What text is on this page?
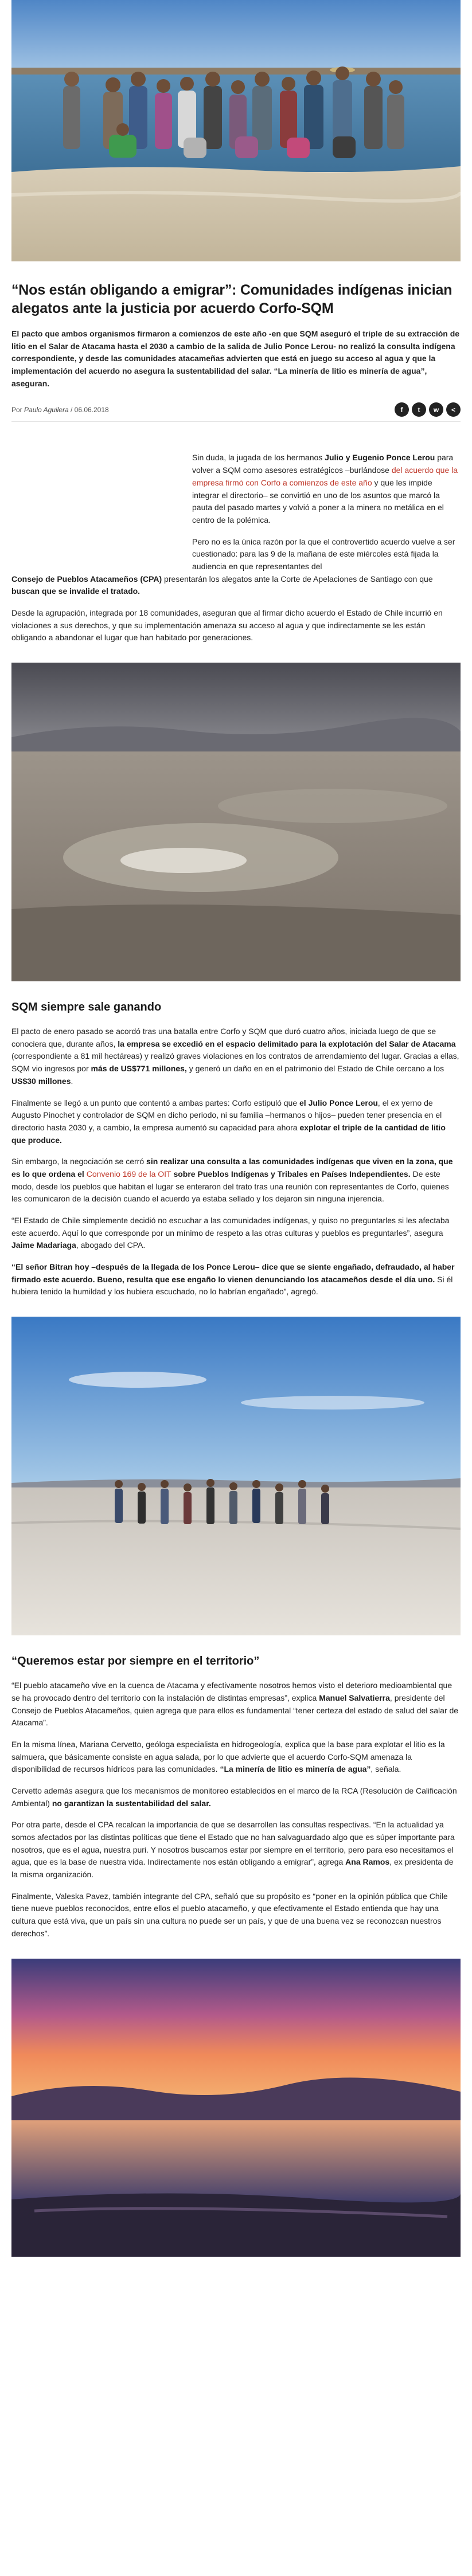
“Nos están obligando a emigrar”: Comunidades indígenas inician alegatos ante la justicia por acuerdo Corfo-SQM

El pacto que ambos organismos firmaron a comienzos de este año -en que SQM aseguró el triple de su extracción de litio en el Salar de Atacama hasta el 2030 a cambio de la salida de Julio Ponce Lerou- no realizó la consulta indígena correspondiente, y desde las comunidades atacameñas advierten que está en juego su acceso al agua y que la implementación del acuerdo no asegura la sustentabilidad del salar. “La minería de litio es minería de agua”, aseguran.

Por Paulo Aguilera / 06.06.2018	f	t	w	<

Sin duda, la jugada de los hermanos Julio y Eugenio Ponce Lerou para volver a SQM como asesores estratégicos –burlándose del acuerdo que la empresa firmó con Corfo a comienzos de este año y que les impide integrar el directorio– se convirtió en uno de los asuntos que marcó la pauta del pasado martes y volvió a poner a la minera no metálica en el centro de la polémica.

Pero no es la única razón por la que el controvertido acuerdo vuelve a ser cuestionado: para las 9 de la mañana de este miércoles está fijada la audiencia en que representantes del

Consejo de Pueblos Atacameños (CPA) presentarán los alegatos ante la Corte de Apelaciones de Santiago con que buscan que se invalide el tratado.

Desde la agrupación, integrada por 18 comunidades, aseguran que al firmar dicho acuerdo el Estado de Chile incurrió en violaciones a sus derechos, y que su implementación amenaza su acceso al agua y que indirectamente se les están obligando a abandonar el lugar que han habitado por generaciones.

SQM siempre sale ganando

El pacto de enero pasado se acordó tras una batalla entre Corfo y SQM que duró cuatro años, iniciada luego de que se conociera que, durante años, la empresa se excedió en el espacio delimitado para la explotación del Salar de Atacama (correspondiente a 81 mil hectáreas) y realizó graves violaciones en los contratos de arrendamiento del lugar. Gracias a ellas, SQM vio ingresos por más de US$771 millones, y generó un daño en en el patrimonio del Estado de Chile cercano a los US$30 millones.

Finalmente se llegó a un punto que contentó a ambas partes: Corfo estipuló que el Julio Ponce Lerou, el ex yerno de Augusto Pinochet y controlador de SQM en dicho periodo, ni su familia –hermanos o hijos– pueden tener presencia en el directorio hasta 2030 y, a cambio, la empresa aumentó su capacidad para ahora explotar el triple de la cantidad de litio que produce.

Sin embargo, la negociación se cerró sin realizar una consulta a las comunidades indígenas que viven en la zona, que es lo que ordena el Convenio 169 de la OIT sobre Pueblos Indígenas y Tribales en Países Independientes. De este modo, desde los pueblos que habitan el lugar se enteraron del trato tras una reunión con representantes de Corfo, quienes les comunicaron de la decisión cuando el acuerdo ya estaba sellado y los dejaron sin ninguna injerencia.

“El Estado de Chile simplemente decidió no escuchar a las comunidades indígenas, y quiso no preguntarles si les afectaba este acuerdo. Aquí lo que corresponde por un mínimo de respeto a las otras culturas y pueblos es preguntarles”, asegura Jaime Madariaga, abogado del CPA.

“El señor Bitran hoy –después de la llegada de los Ponce Lerou– dice que se siente engañado, defraudado, al haber firmado este acuerdo. Bueno, resulta que ese engaño lo vienen denunciando los atacameños desde el día uno. Si él hubiera tenido la humildad y los hubiera escuchado, no lo habrían engañado”, agregó.

“Queremos estar por siempre en el territorio”

“El pueblo atacameño vive en la cuenca de Atacama y efectivamente nosotros hemos visto el deterioro medioambiental que se ha provocado dentro del territorio con la instalación de distintas empresas”, explica Manuel Salvatierra, presidente del Consejo de Pueblos Atacameños, quien agrega que para ellos es fundamental “tener certeza del estado de salud del salar de Atacama”.

En la misma línea, Mariana Cervetto, geóloga especialista en hidrogeología, explica que la base para explotar el litio es la salmuera, que básicamente consiste en agua salada, por lo que advierte que el acuerdo Corfo-SQM amenaza la disponibilidad de recursos hídricos para las comunidades. “La minería de litio es minería de agua”, señala.

Cervetto además asegura que los mecanismos de monitoreo establecidos en el marco de la RCA (Resolución de Calificación Ambiental) no garantizan la sustentabilidad del salar.

Por otra parte, desde el CPA recalcan la importancia de que se desarrollen las consultas respectivas. “En la actualidad ya somos afectados por las distintas políticas que tiene el Estado que no han salvaguardado algo que es súper importante para nosotros, que es el agua, nuestra puri. Y nosotros buscamos estar por siempre en el territorio, pero para eso necesitamos el agua, que es la base de nuestra vida. Indirectamente nos están obligando a emigrar”, agrega Ana Ramos, ex presidenta de la misma organización.

Finalmente, Valeska Pavez, también integrante del CPA, señaló que su propósito es “poner en la opinión pública que Chile tiene nueve pueblos reconocidos, entre ellos el pueblo atacameño, y que efectivamente el Estado entienda que hay una cultura que está viva, que un país sin una cultura no puede ser un país, y que de una buena vez se reconozcan nuestros derechos”.
